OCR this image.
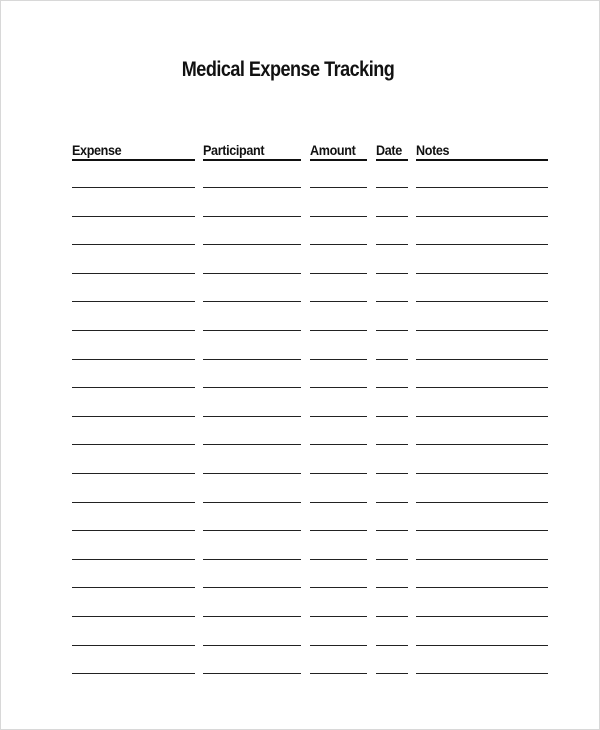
Medical Expense Tracking
Expense	Participant	Amount Date Notes
